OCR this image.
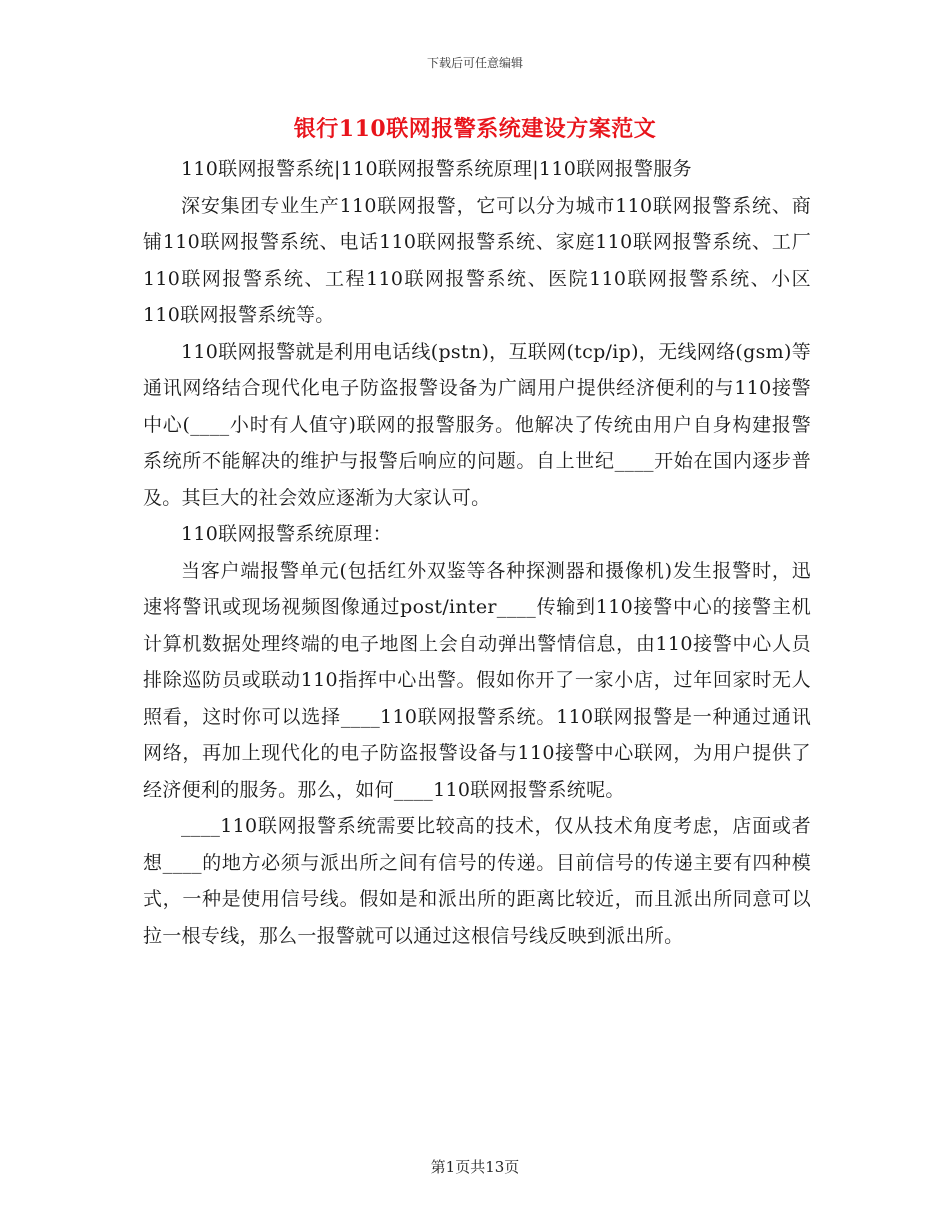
下载后可任意编辑
银行110联网报警系统建设方案范文

110联网报警系统|110联网报警系统原理|110联网报警服务

深安集团专业生产110联网报警，它可以分为城市110联网报警系统、商铺110联网报警系统、电话110联网报警系统、家庭110联网报警系统、工厂110联网报警系统、工程110联网报警系统、医院110联网报警系统、小区110联网报警系统等。

110联网报警就是利用电话线(pstn)，互联网(tcp/ip)，无线网络(gsm)等通讯网络结合现代化电子防盗报警设备为广阔用户提供经济便利的与110接警中心(____小时有人值守)联网的报警服务。他解决了传统由用户自身构建报警系统所不能解决的维护与报警后响应的问题。自上世纪____开始在国内逐步普及。其巨大的社会效应逐渐为大家认可。

110联网报警系统原理：

当客户端报警单元(包括红外双鉴等各种探测器和摄像机)发生报警时，迅速将警讯或现场视频图像通过post/inter____传输到110接警中心的接警主机计算机数据处理终端的电子地图上会自动弹出警情信息，由110接警中心人员排除巡防员或联动110指挥中心出警。假如你开了一家小店，过年回家时无人照看，这时你可以选择____110联网报警系统。110联网报警是一种通过通讯网络，再加上现代化的电子防盗报警设备与110接警中心联网，为用户提供了经济便利的服务。那么，如何____110联网报警系统呢。

____110联网报警系统需要比较高的技术，仅从技术角度考虑，店面或者想____的地方必须与派出所之间有信号的传递。目前信号的传递主要有四种模式，一种是使用信号线。假如是和派出所的距离比较近，而且派出所同意可以拉一根专线，那么一报警就可以通过这根信号线反映到派出所。

第1页共13页
